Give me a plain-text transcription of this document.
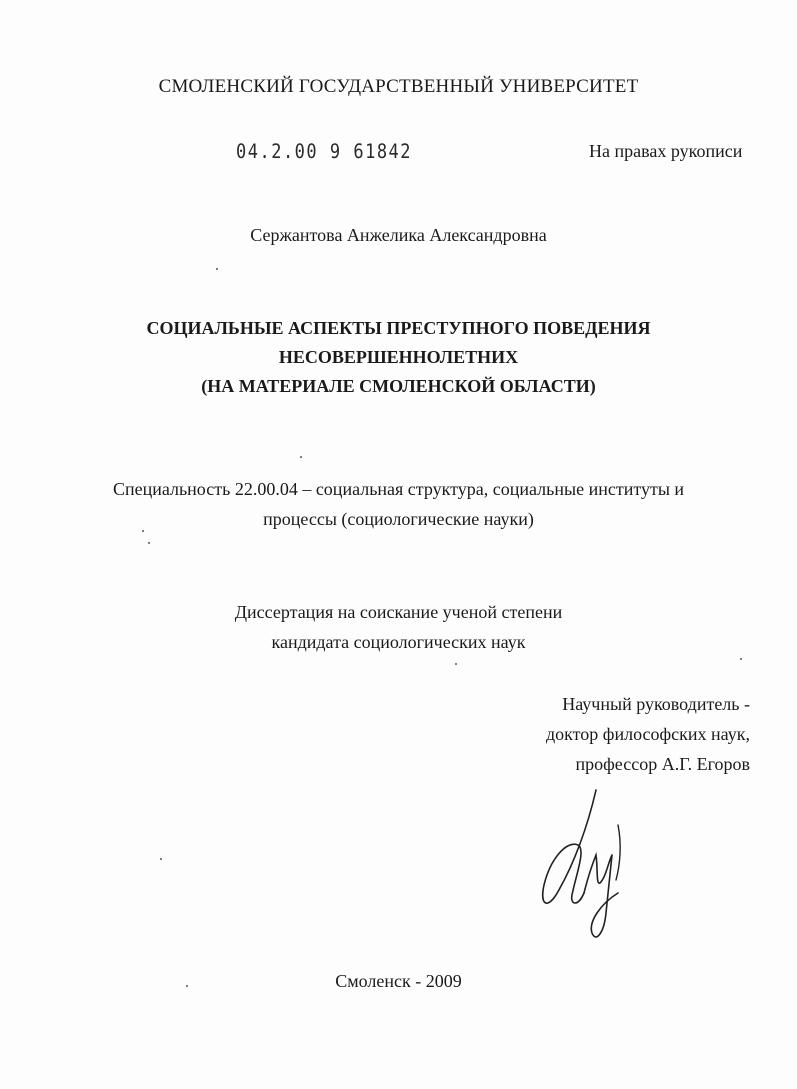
СМОЛЕНСКИЙ ГОСУДАРСТВЕННЫЙ УНИВЕРСИТЕТ
04.2.00 9 61842	На правах рукописи
Сержантова Анжелика Александровна
СОЦИАЛЬНЫЕ АСПЕКТЫ ПРЕСТУПНОГО ПОВЕДЕНИЯ
НЕСОВЕРШЕННОЛЕТНИХ
(НА МАТЕРИАЛЕ СМОЛЕНСКОЙ ОБЛАСТИ)
Специальность 22.00.04 – социальная структура, социальные институты и
процессы (социологические науки)
Диссертация на соискание ученой степени
кандидата социологических наук
Научный руководитель -
доктор философских наук,
профессор А.Г. Егоров
Смоленск - 2009
